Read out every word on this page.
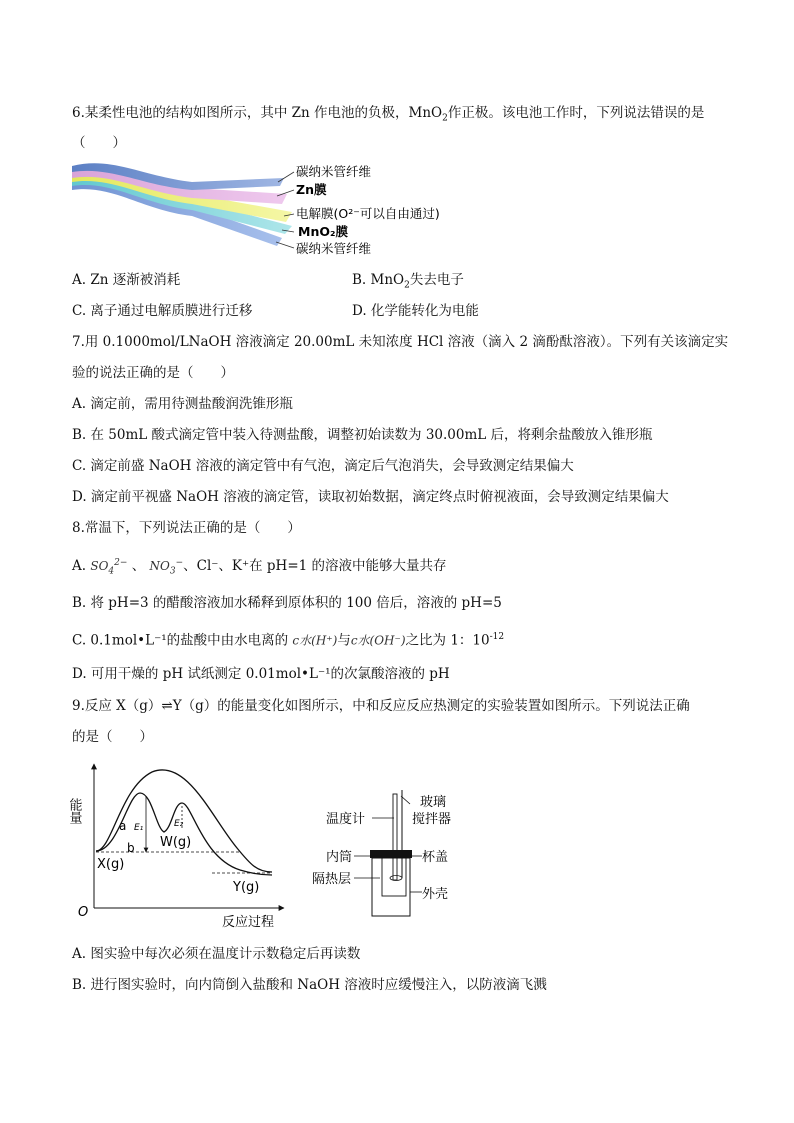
6.某柔性电池的结构如图所示，其中 Zn 作电池的负极，MnO$_2$作正极。该电池工作时，下列说法错误的是
（　　）
碳纳米管纤维
Zn膜
电解膜(O²⁻可以自由通过)
MnO₂膜
碳纳米管纤维
A. Zn 逐渐被消耗	B. MnO$_2$失去电子
C. 离子通过电解质膜进行迁移	D. 化学能转化为电能
7.用 0.1000mol/LNaOH 溶液滴定 20.00mL 未知浓度 HCl 溶液（滴入 2 滴酚酞溶液）。下列有关该滴定实
验的说法正确的是（　　）
A. 滴定前，需用待测盐酸润洗锥形瓶
B. 在 50mL 酸式滴定管中装入待测盐酸，调整初始读数为 30.00mL 后，将剩余盐酸放入锥形瓶
C. 滴定前盛 NaOH 溶液的滴定管中有气泡，滴定后气泡消失，会导致测定结果偏大
D. 滴定前平视盛 NaOH 溶液的滴定管，读取初始数据，滴定终点时俯视液面，会导致测定结果偏大
8.常温下，下列说法正确的是（　　）
A. $SO_4^{2-}$ 、 $NO_3^-$、Cl⁻、K⁺在 pH=1 的溶液中能够大量共存
B. 将 pH=3 的醋酸溶液加水稀释到原体积的 100 倍后，溶液的 pH=5
C. 0.1mol•L⁻¹的盐酸中由水电离的 c水(H⁺)与c水(OH⁻)之比为 1：$10^{-12}$
D. 可用干燥的 pH 试纸测定 0.01mol•L⁻¹的次氯酸溶液的 pH
9.反应 X（g）⇌Y（g）的能量变化如图所示，中和反应反应热测定的实验装置如图所示。下列说法正确
的是（　　）
能量
反应过程
O
a
b
E₁	E₂
W(g)
X(g)
Y(g)
温度计
玻璃
搅拌器
内筒	杯盖
隔热层
外壳
A. 图实验中每次必须在温度计示数稳定后再读数
B. 进行图实验时，向内筒倒入盐酸和 NaOH 溶液时应缓慢注入，以防液滴飞溅
